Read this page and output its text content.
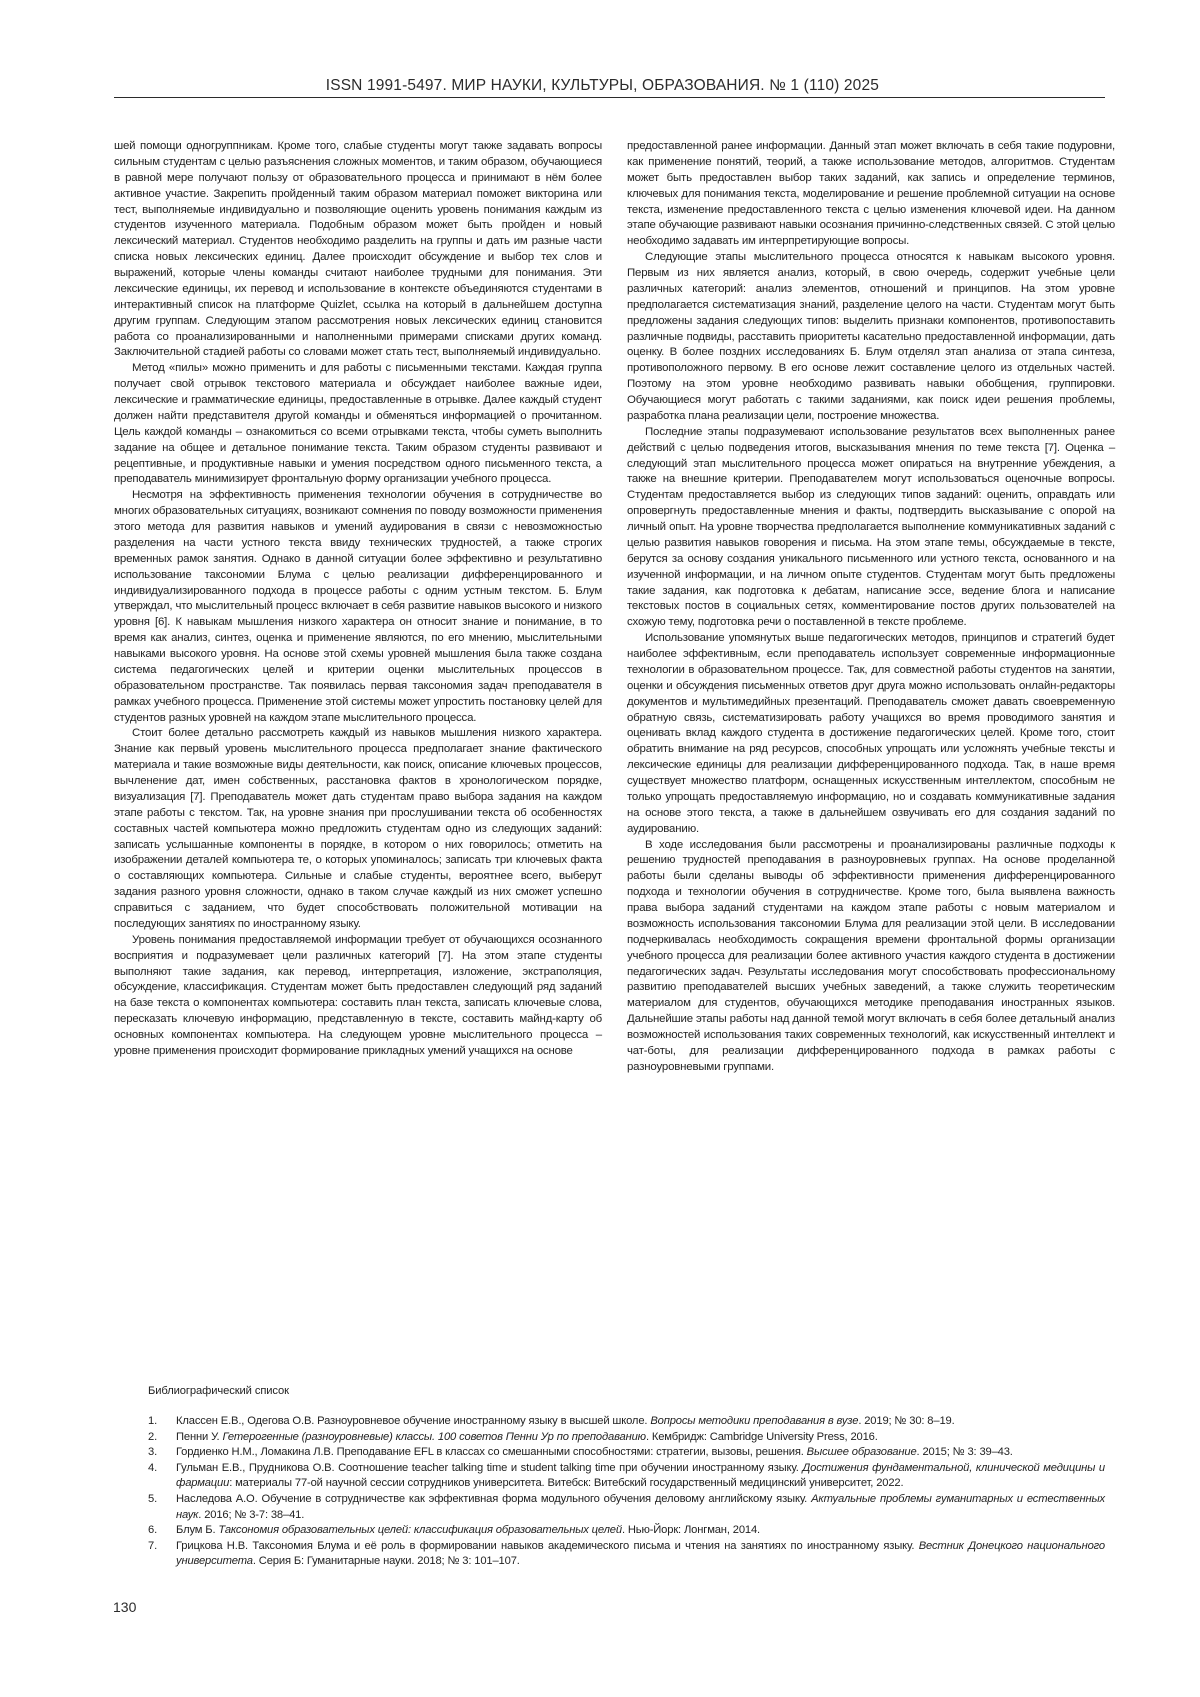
ISSN 1991-5497. МИР НАУКИ, КУЛЬТУРЫ, ОБРАЗОВАНИЯ. № 1 (110) 2025

шей помощи одногруппникам. Кроме того, слабые студенты могут также задавать вопросы сильным студентам с целью разъяснения сложных моментов, и таким образом, обучающиеся в равной мере получают пользу от образовательного процесса и принимают в нём более активное участие. Закрепить пройденный таким образом материал поможет викторина или тест, выполняемые индивидуально и позволяющие оценить уровень понимания каждым из студентов изученного материала. Подобным образом может быть пройден и новый лексический материал. Студентов необходимо разделить на группы и дать им разные части списка новых лексических единиц. Далее происходит обсуждение и выбор тех слов и выражений, которые члены команды считают наиболее трудными для понимания. Эти лексические единицы, их перевод и использование в контексте объединяются студентами в интерактивный список на платформе Quizlet, ссылка на который в дальнейшем доступна другим группам. Следующим этапом рассмотрения новых лексических единиц становится работа со проанализированными и наполненными примерами списками других команд. Заключительной стадией работы со словами может стать тест, выполняемый индивидуально.

Метод «пилы» можно применить и для работы с письменными текстами. Каждая группа получает свой отрывок текстового материала и обсуждает наиболее важные идеи, лексические и грамматические единицы, предоставленные в отрывке. Далее каждый студент должен найти представителя другой команды и обменяться информацией о прочитанном. Цель каждой команды – ознакомиться со всеми отрывками текста, чтобы суметь выполнить задание на общее и детальное понимание текста. Таким образом студенты развивают и рецептивные, и продуктивные навыки и умения посредством одного письменного текста, а преподаватель минимизирует фронтальную форму организации учебного процесса.

Несмотря на эффективность применения технологии обучения в сотрудничестве во многих образовательных ситуациях, возникают сомнения по поводу возможности применения этого метода для развития навыков и умений аудирования в связи с невозможностью разделения на части устного текста ввиду технических трудностей, а также строгих временных рамок занятия. Однако в данной ситуации более эффективно и результативно использование таксономии Блума с целью реализации дифференцированного и индивидуализированного подхода в процессе работы с одним устным текстом. Б. Блум утверждал, что мыслительный процесс включает в себя развитие навыков высокого и низкого уровня [6]. К навыкам мышления низкого характера он относит знание и понимание, в то время как анализ, синтез, оценка и применение являются, по его мнению, мыслительными навыками высокого уровня. На основе этой схемы уровней мышления была также создана система педагогических целей и критерии оценки мыслительных процессов в образовательном пространстве. Так появилась первая таксономия задач преподавателя в рамках учебного процесса. Применение этой системы может упростить постановку целей для студентов разных уровней на каждом этапе мыслительного процесса.

Стоит более детально рассмотреть каждый из навыков мышления низкого характера. Знание как первый уровень мыслительного процесса предполагает знание фактического материала и такие возможные виды деятельности, как поиск, описание ключевых процессов, вычленение дат, имен собственных, расстановка фактов в хронологическом порядке, визуализация [7]. Преподаватель может дать студентам право выбора задания на каждом этапе работы с текстом. Так, на уровне знания при прослушивании текста об особенностях составных частей компьютера можно предложить студентам одно из следующих заданий: записать услышанные компоненты в порядке, в котором о них говорилось; отметить на изображении деталей компьютера те, о которых упоминалось; записать три ключевых факта о составляющих компьютера. Сильные и слабые студенты, вероятнее всего, выберут задания разного уровня сложности, однако в таком случае каждый из них сможет успешно справиться с заданием, что будет способствовать положительной мотивации на последующих занятиях по иностранному языку.

Уровень понимания предоставляемой информации требует от обучающихся осознанного восприятия и подразумевает цели различных категорий [7]. На этом этапе студенты выполняют такие задания, как перевод, интерпретация, изложение, экстраполяция, обсуждение, классификация. Студентам может быть предоставлен следующий ряд заданий на базе текста о компонентах компьютера: составить план текста, записать ключевые слова, пересказать ключевую информацию, представленную в тексте, составить майнд-карту об основных компонентах компьютера. На следующем уровне мыслительного процесса – уровне применения происходит формирование прикладных умений учащихся на основе

предоставленной ранее информации. Данный этап может включать в себя такие подуровни, как применение понятий, теорий, а также использование методов, алгоритмов. Студентам может быть предоставлен выбор таких заданий, как запись и определение терминов, ключевых для понимания текста, моделирование и решение проблемной ситуации на основе текста, изменение предоставленного текста с целью изменения ключевой идеи. На данном этапе обучающие развивают навыки осознания причинно-следственных связей. С этой целью необходимо задавать им интерпретирующие вопросы.

Следующие этапы мыслительного процесса относятся к навыкам высокого уровня. Первым из них является анализ, который, в свою очередь, содержит учебные цели различных категорий: анализ элементов, отношений и принципов. На этом уровне предполагается систематизация знаний, разделение целого на части. Студентам могут быть предложены задания следующих типов: выделить признаки компонентов, противопоставить различные подвиды, расставить приоритеты касательно предоставленной информации, дать оценку. В более поздних исследованиях Б. Блум отделял этап анализа от этапа синтеза, противоположного первому. В его основе лежит составление целого из отдельных частей. Поэтому на этом уровне необходимо развивать навыки обобщения, группировки. Обучающиеся могут работать с такими заданиями, как поиск идеи решения проблемы, разработка плана реализации цели, построение множества.

Последние этапы подразумевают использование результатов всех выполненных ранее действий с целью подведения итогов, высказывания мнения по теме текста [7]. Оценка – следующий этап мыслительного процесса может опираться на внутренние убеждения, а также на внешние критерии. Преподавателем могут использоваться оценочные вопросы. Студентам предоставляется выбор из следующих типов заданий: оценить, оправдать или опровергнуть предоставленные мнения и факты, подтвердить высказывание с опорой на личный опыт. На уровне творчества предполагается выполнение коммуникативных заданий с целью развития навыков говорения и письма. На этом этапе темы, обсуждаемые в тексте, берутся за основу создания уникального письменного или устного текста, основанного и на изученной информации, и на личном опыте студентов. Студентам могут быть предложены такие задания, как подготовка к дебатам, написание эссе, ведение блога и написание текстовых постов в социальных сетях, комментирование постов других пользователей на схожую тему, подготовка речи о поставленной в тексте проблеме.

Использование упомянутых выше педагогических методов, принципов и стратегий будет наиболее эффективным, если преподаватель использует современные информационные технологии в образовательном процессе. Так, для совместной работы студентов на занятии, оценки и обсуждения письменных ответов друг друга можно использовать онлайн-редакторы документов и мультимедийных презентаций. Преподаватель сможет давать своевременную обратную связь, систематизировать работу учащихся во время проводимого занятия и оценивать вклад каждого студента в достижение педагогических целей. Кроме того, стоит обратить внимание на ряд ресурсов, способных упрощать или усложнять учебные тексты и лексические единицы для реализации дифференцированного подхода. Так, в наше время существует множество платформ, оснащенных искусственным интеллектом, способным не только упрощать предоставляемую информацию, но и создавать коммуникативные задания на основе этого текста, а также в дальнейшем озвучивать его для создания заданий по аудированию.

В ходе исследования были рассмотрены и проанализированы различные подходы к решению трудностей преподавания в разноуровневых группах. На основе проделанной работы были сделаны выводы об эффективности применения дифференцированного подхода и технологии обучения в сотрудничестве. Кроме того, была выявлена важность права выбора заданий студентами на каждом этапе работы с новым материалом и возможность использования таксономии Блума для реализации этой цели. В исследовании подчеркивалась необходимость сокращения времени фронтальной формы организации учебного процесса для реализации более активного участия каждого студента в достижении педагогических задач. Результаты исследования могут способствовать профессиональному развитию преподавателей высших учебных заведений, а также служить теоретическим материалом для студентов, обучающихся методике преподавания иностранных языков. Дальнейшие этапы работы над данной темой могут включать в себя более детальный анализ возможностей использования таких современных технологий, как искусственный интеллект и чат-боты, для реализации дифференцированного подхода в рамках работы с разноуровневыми группами.

Библиографический список
1. Классен Е.В., Одегова О.В. Разноуровневое обучение иностранному языку в высшей школе. Вопросы методики преподавания в вузе. 2019; № 30: 8–19.
2. Пенни У. Гетерогенные (разноуровневые) классы. 100 советов Пенни Ур по преподаванию. Кембридж: Cambridge University Press, 2016.
3. Гордиенко Н.М., Ломакина Л.В. Преподавание EFL в классах со смешанными способностями: стратегии, вызовы, решения. Высшее образование. 2015; № 3: 39–43.
4. Гульман Е.В., Прудникова О.В. Соотношение teacher talking time и student talking time при обучении иностранному языку. Достижения фундаментальной, клинической медицины и фармации: материалы 77-ой научной сессии сотрудников университета. Витебск: Витебский государственный медицинский университет, 2022.
5. Наследова А.О. Обучение в сотрудничестве как эффективная форма модульного обучения деловому английскому языку. Актуальные проблемы гуманитарных и естественных наук. 2016; № 3-7: 38–41.
6. Блум Б. Таксономия образовательных целей: классификация образовательных целей. Нью-Йорк: Лонгман, 2014.
7. Грицкова Н.В. Таксономия Блума и её роль в формировании навыков академического письма и чтения на занятиях по иностранному языку. Вестник Донецкого национального университета. Серия Б: Гуманитарные науки. 2018; № 3: 101–107.
130
